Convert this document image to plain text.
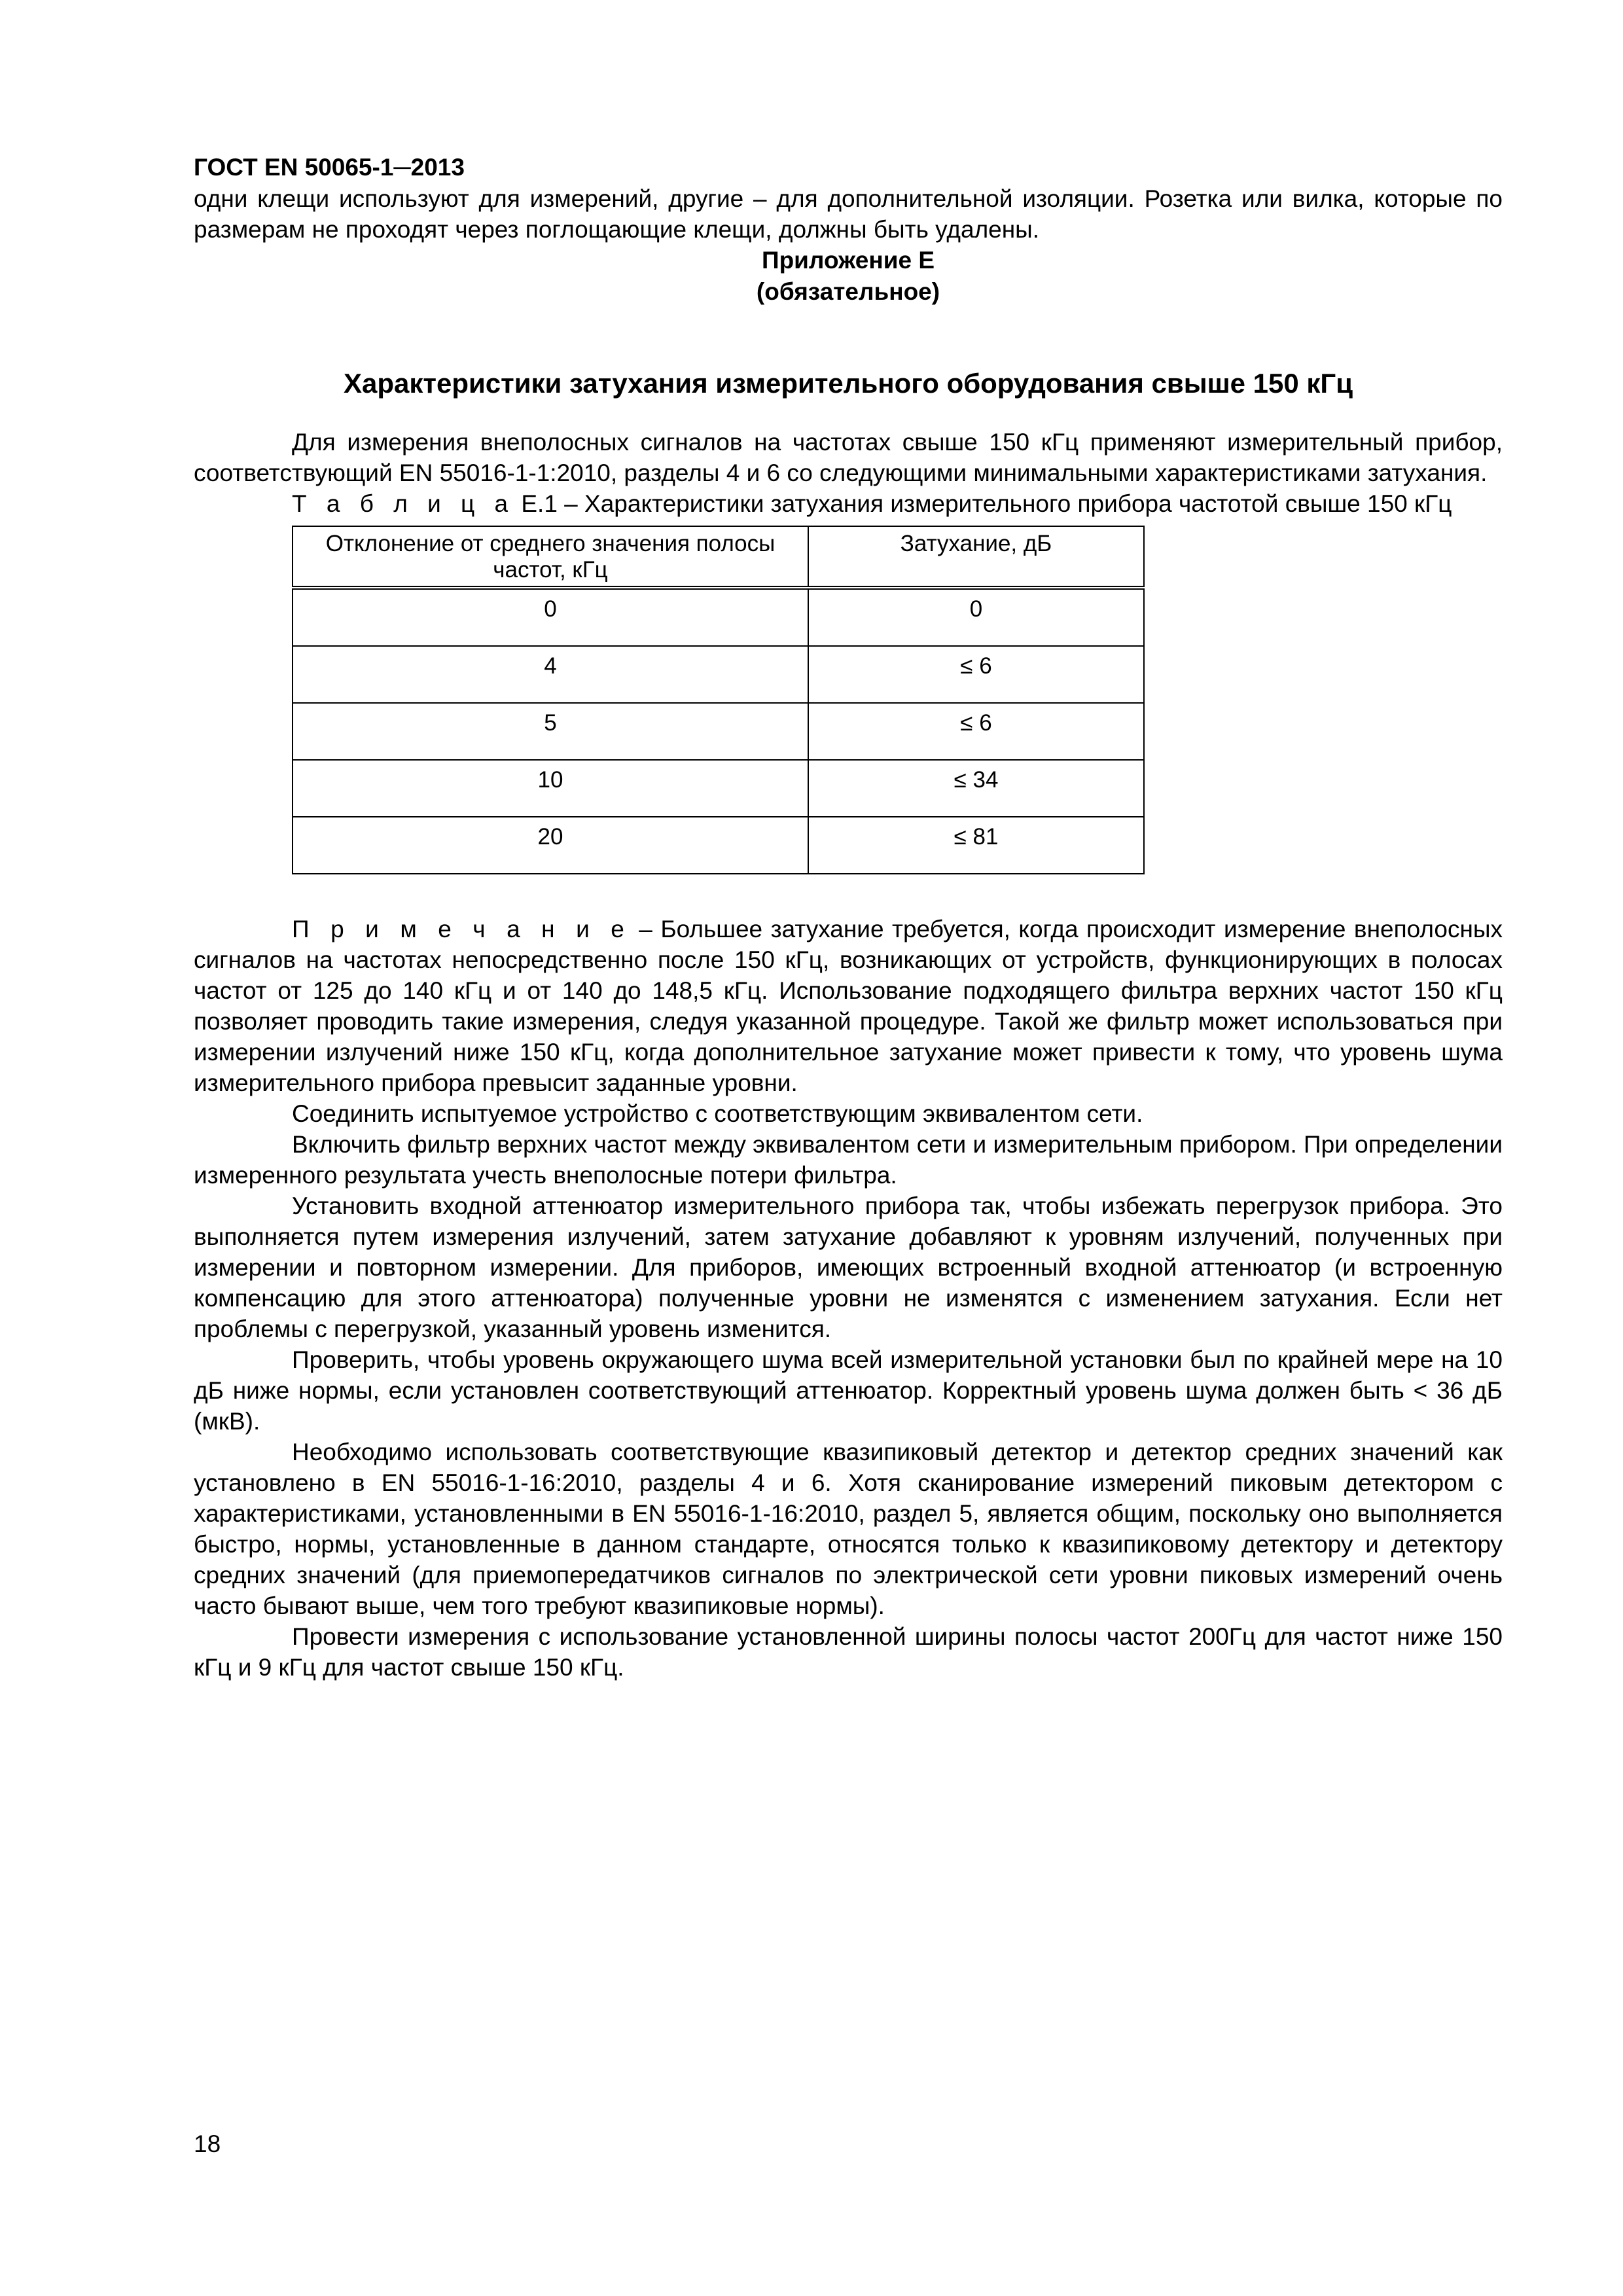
ГОСТ EN 50065-1─2013

одни клещи используют для измерений, другие – для дополнительной изоляции. Розетка или вилка, которые по размерам не проходят через поглощающие клещи, должны быть удалены.

Приложение E
(обязательное)
Характеристики затухания измерительного оборудования свыше 150 кГц

Для измерения внеполосных сигналов на частотах свыше 150 кГц применяют измерительный прибор, соответствующий EN 55016-1-1:2010, разделы 4 и 6 со следующими минимальными характеристиками затухания.

Т а б л и ц а Е.1 – Характеристики затухания измерительного прибора частотой свыше 150 кГц

Отклонение от среднего значения полосы частот, кГц	Затухание, дБ
0	0
4	≤ 6
5	≤ 6
10	≤ 34
20	≤ 81

П р и м е ч а н и е – Большее затухание требуется, когда происходит измерение внеполосных сигналов на частотах непосредственно после 150 кГц, возникающих от устройств, функционирующих в полосах частот от 125 до 140 кГц и от 140 до 148,5 кГц. Использование подходящего фильтра верхних частот 150 кГц позволяет проводить такие измерения, следуя указанной процедуре. Такой же фильтр может использоваться при измерении излучений ниже 150 кГц, когда дополнительное затухание может привести к тому, что уровень шума измерительного прибора превысит заданные уровни.

Соединить испытуемое устройство с соответствующим эквивалентом сети.

Включить фильтр верхних частот между эквивалентом сети и измерительным прибором. При определении измеренного результата учесть внеполосные потери фильтра.

Установить входной аттенюатор измерительного прибора так, чтобы избежать перегрузок прибора. Это выполняется путем измерения излучений, затем затухание добавляют к уровням излучений, полученных при измерении и повторном измерении. Для приборов, имеющих встроенный входной аттенюатор (и встроенную компенсацию для этого аттенюатора) полученные уровни не изменятся с изменением затухания. Если нет проблемы с перегрузкой, указанный уровень изменится.

Проверить, чтобы уровень окружающего шума всей измерительной установки был по крайней мере на 10 дБ ниже нормы, если установлен соответствующий аттенюатор. Корректный уровень шума должен быть < 36 дБ (мкВ).

Необходимо использовать соответствующие квазипиковый детектор и детектор средних значений как установлено в EN 55016-1-16:2010, разделы 4 и 6. Хотя сканирование измерений пиковым детектором с характеристиками, установленными в EN 55016-1-16:2010, раздел 5, является общим, поскольку оно выполняется быстро, нормы, установленные в данном стандарте, относятся только к квазипиковому детектору и детектору средних значений (для приемопередатчиков сигналов по электрической сети уровни пиковых измерений очень часто бывают выше, чем того требуют квазипиковые нормы).

Провести измерения с использование установленной ширины полосы частот 200Гц для частот ниже 150 кГц и 9 кГц для частот свыше 150 кГц.

18
